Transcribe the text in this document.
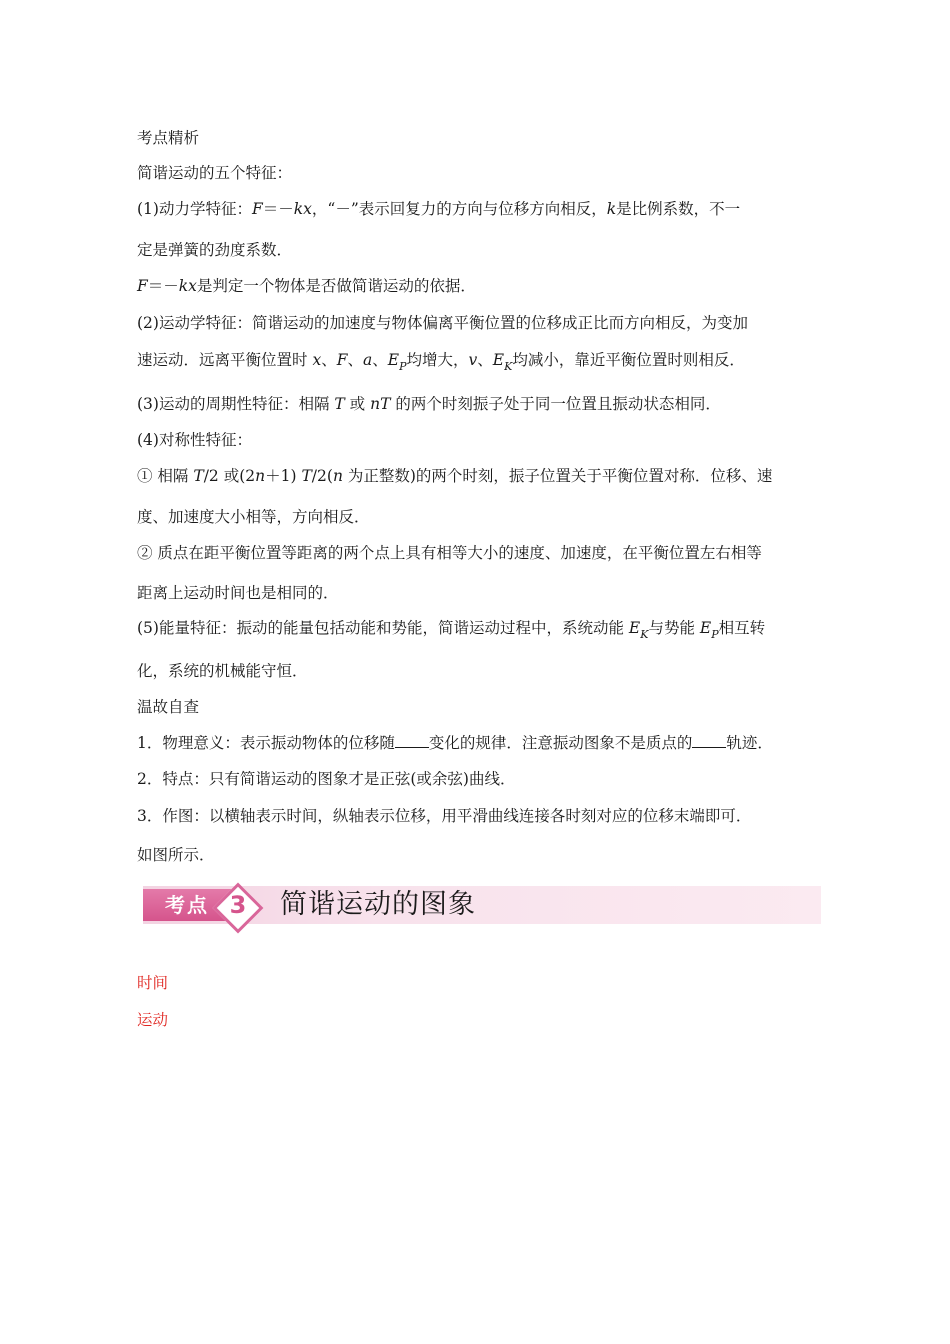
考点精析
简谐运动的五个特征：
(1)动力学特征：F＝－kx，“－”表示回复力的方向与位移方向相反，k是比例系数，不一
定是弹簧的劲度系数．
F＝－kx是判定一个物体是否做简谐运动的依据．
(2)运动学特征：简谐运动的加速度与物体偏离平衡位置的位移成正比而方向相反，为变加
速运动．远离平衡位置时 x、F、a、$E_P$均增大，v、$E_K$均减小，靠近平衡位置时则相反．
(3)运动的周期性特征：相隔 T 或 nT 的两个时刻振子处于同一位置且振动状态相同．
(4)对称性特征：
① 相隔 T/2 或(2n＋1) T/2(n 为正整数)的两个时刻，振子位置关于平衡位置对称．位移、速
度、加速度大小相等，方向相反．
② 质点在距平衡位置等距离的两个点上具有相等大小的速度、加速度，在平衡位置左右相等
距离上运动时间也是相同的．
(5)能量特征：振动的能量包括动能和势能，简谐运动过程中，系统动能 $E_K$与势能 $E_P$相互转
化，系统的机械能守恒．
温故自查
1．物理意义：表示振动物体的位移随 变化的规律．注意振动图象不是质点的 轨迹．
2．特点：只有简谐运动的图象才是正弦(或余弦)曲线．
3．作图：以横轴表示时间，纵轴表示位移，用平滑曲线连接各时刻对应的位移末端即可．
如图所示．
考点 3 简谐运动的图象
时间
运动
